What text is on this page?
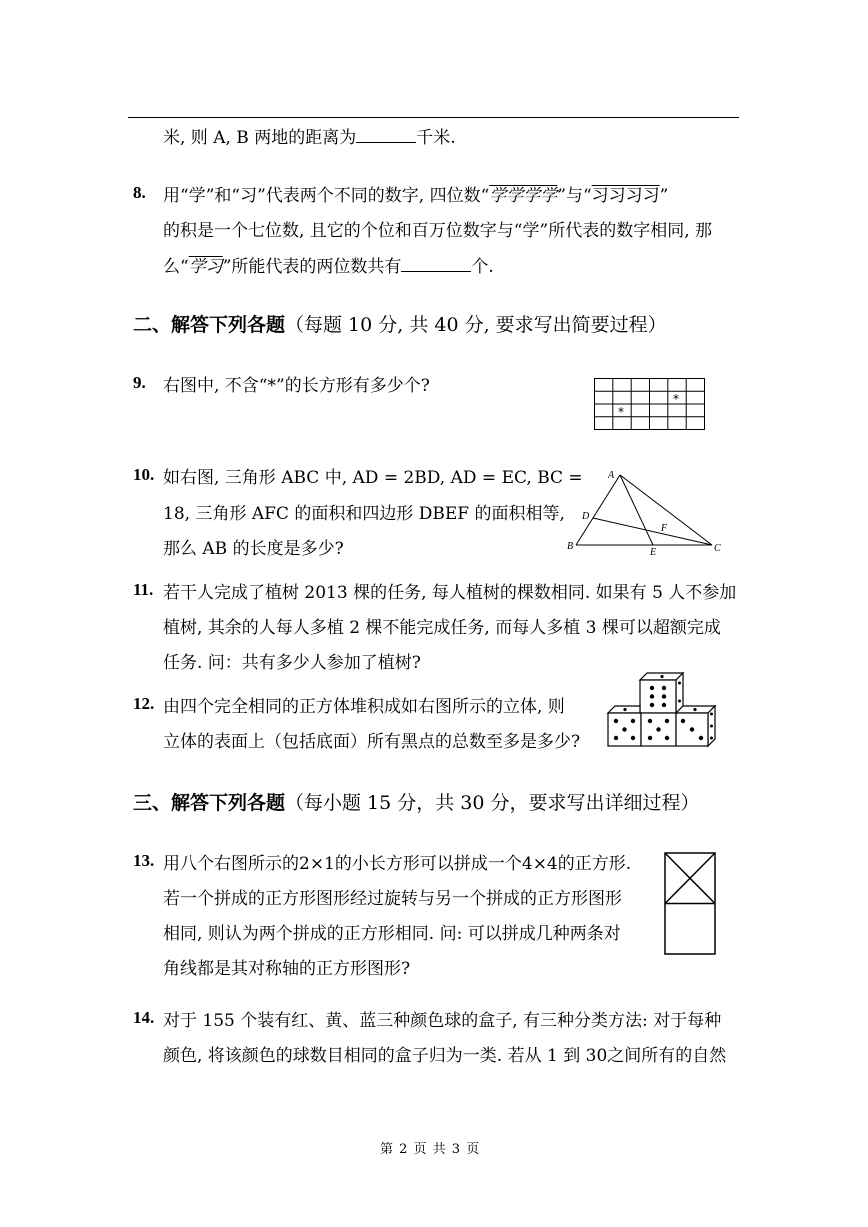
米, 则 A, B 两地的距离为	千米.
8. 用“学”和“习”代表两个不同的数字, 四位数“学学学学”与“习习习习”
的积是一个七位数, 且它的个位和百万位数字与“学”所代表的数字相同, 那
么“学习”所能代表的两位数共有	个.
二、解答下列各题（每题 10 分, 共 40 分, 要求写出简要过程）
9. 右图中, 不含“*”的长方形有多少个?
*
*
10. 如右图, 三角形 ABC 中, AD = 2BD, AD = EC, BC =
18, 三角形 AFC 的面积和四边形 DBEF 的面积相等,
那么 AB 的长度是多少?
A
B	C
D
E
F
11. 若干人完成了植树 2013 棵的任务, 每人植树的棵数相同. 如果有 5 人不参加
植树, 其余的人每人多植 2 棵不能完成任务, 而每人多植 3 棵可以超额完成
任务. 问：共有多少人参加了植树?
12. 由四个完全相同的正方体堆积成如右图所示的立体, 则
立体的表面上（包括底面）所有黑点的总数至多是多少?
三、解答下列各题（每小题 15 分，共 30 分，要求写出详细过程）
13. 用八个右图所示的2×1的小长方形可以拼成一个4×4的正方形.
若一个拼成的正方形图形经过旋转与另一个拼成的正方形图形
相同, 则认为两个拼成的正方形相同. 问: 可以拼成几种两条对
角线都是其对称轴的正方形图形?
14. 对于 155 个装有红、黄、蓝三种颜色球的盒子, 有三种分类方法: 对于每种
颜色, 将该颜色的球数目相同的盒子归为一类. 若从 1 到 30之间所有的自然
第 2 页 共 3 页
